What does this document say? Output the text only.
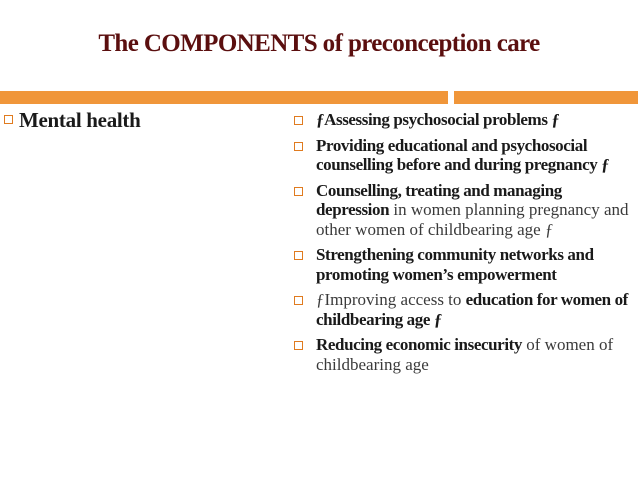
The COMPONENTS of preconception care
Mental health	ƒAssessing psychosocial problems ƒ
Providing educational and psychosocial counselling before and during pregnancy ƒ
Counselling, treating and managing depression in women planning pregnancy and other women of childbearing age ƒ
Strengthening community networks and promoting women’s empowerment
ƒImproving access to education for women of childbearing age ƒ
Reducing economic insecurity of women of childbearing age
